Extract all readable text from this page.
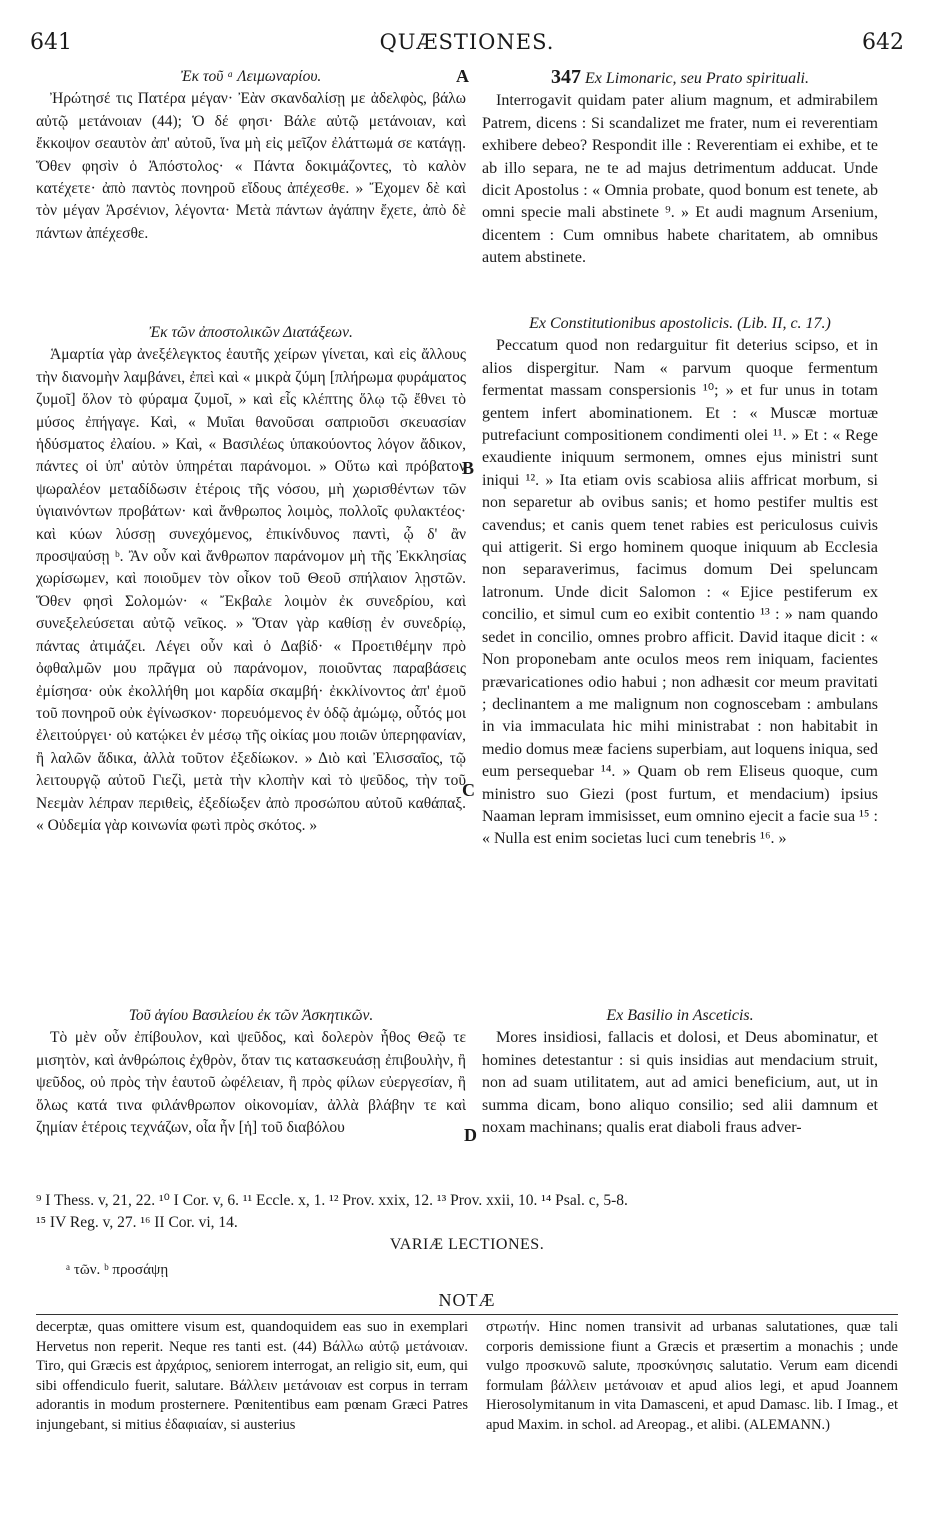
641	QUÆSTIONES.	642

Ἐκ τοῦ ᵃ Λειμωναρίου.

Ἠρώτησέ τις Πατέρα μέγαν· Ἐὰν σκανδαλίσῃ με ἀδελφὸς, βάλω αὐτῷ μετάνοιαν (44); Ὁ δέ φησι· Βάλε αὐτῷ μετάνοιαν, καὶ ἔκκοψον σεαυτὸν ἀπ' αὐτοῦ, ἵνα μὴ εἰς μεῖζον ἐλάττωμά σε κατάγῃ. Ὅθεν φησὶν ὁ Ἀπόστολος· « Πάντα δοκιμάζοντες, τὸ καλὸν κατέχετε· ἀπὸ παντὸς πονηροῦ εἴδους ἀπέχεσθε. » Ἔχομεν δὲ καὶ τὸν μέγαν Ἀρσένιον, λέγοντα· Μετὰ πάντων ἀγάπην ἔχετε, ἀπὸ δὲ πάντων ἀπέχεσθε.

Ἐκ τῶν ἀποστολικῶν Διατάξεων.

Ἁμαρτία γὰρ ἀνεξέλεγκτος ἑαυτῆς χείρων γίνεται, καὶ εἰς ἄλλους τὴν διανομὴν λαμβάνει, ἐπεὶ καὶ « μικρὰ ζύμη [πλήρωμα φυράματος ζυμοῖ] ὅλον τὸ φύραμα ζυμοῖ, » καὶ εἷς κλέπτης ὅλῳ τῷ ἔθνει τὸ μύσος ἐπήγαγε. Καὶ, « Μυῖαι θανοῦσαι σαπριοῦσι σκευασίαν ἡδύσματος ἐλαίου. » Καὶ, « Βασιλέως ὑπακούοντος λόγον ἄδικον, πάντες οἱ ὑπ' αὐτὸν ὑπηρέται παράνομοι. » Οὕτω καὶ πρόβατον ψωραλέον μεταδίδωσιν ἑτέροις τῆς νόσου, μὴ χωρισθέντων τῶν ὑγιαινόντων προβάτων· καὶ ἄνθρωπος λοιμὸς, πολλοῖς φυλακτέος· καὶ κύων λύσσῃ συνεχόμενος, ἐπικίνδυνος παντὶ, ᾧ δ' ἂν προσψαύσῃ ᵇ. Ἂν οὖν καὶ ἄνθρωπον παράνομον μὴ τῆς Ἐκκλησίας χωρίσωμεν, καὶ ποιοῦμεν τὸν οἶκον τοῦ Θεοῦ σπήλαιον λῃστῶν. Ὅθεν φησὶ Σολομών· « Ἔκβαλε λοιμὸν ἐκ συνεδρίου, καὶ συνεξελεύσεται αὐτῷ νεῖκος. » Ὅταν γὰρ καθίσῃ ἐν συνεδρίῳ, πάντας ἀτιμάζει. Λέγει οὖν καὶ ὁ Δαβίδ· « Προετιθέμην πρὸ ὀφθαλμῶν μου πρᾶγμα οὐ παράνομον, ποιοῦντας παραβάσεις ἐμίσησα· οὐκ ἐκολλήθη μοι καρδία σκαμβή· ἐκκλίνοντος ἀπ' ἐμοῦ τοῦ πονηροῦ οὐκ ἐγίνωσκον· πορευόμενος ἐν ὁδῷ ἀμώμῳ, οὗτός μοι ἐλειτούργει· οὐ κατῴκει ἐν μέσῳ τῆς οἰκίας μου ποιῶν ὑπερηφανίαν, ἢ λαλῶν ἄδικα, ἀλλὰ τοῦτον ἐξεδίωκον. » Διὸ καὶ Ἐλισσαῖος, τῷ λειτουργῷ αὐτοῦ Γιεζὶ, μετὰ τὴν κλοπὴν καὶ τὸ ψεῦδος, τὴν τοῦ Νεεμὰν λέπραν περιθεὶς, ἐξεδίωξεν ἀπὸ προσώπου αὐτοῦ καθάπαξ. « Οὐδεμία γὰρ κοινωνία φωτὶ πρὸς σκότος. »

Τοῦ ἁγίου Βασιλείου ἐκ τῶν Ἀσκητικῶν.

Τὸ μὲν οὖν ἐπίβουλον, καὶ ψεῦδος, καὶ δολερὸν ἦθος Θεῷ τε μισητὸν, καὶ ἀνθρώποις ἐχθρὸν, ὅταν τις κατασκευάσῃ ἐπιβουλὴν, ἢ ψεῦδος, οὐ πρὸς τὴν ἑαυτοῦ ὠφέλειαν, ἢ πρὸς φίλων εὐεργεσίαν, ἢ ὅλως κατά τινα φιλάνθρωπον οἰκονομίαν, ἀλλὰ βλάβην τε καὶ ζημίαν ἑτέροις τεχνάζων, οἷα ἦν [ἡ] τοῦ διαβόλου

A
B
C
D

347 Ex Limonaric, seu Prato spirituali.

Interrogavit quidam pater alium magnum, et admirabilem Patrem, dicens : Si scandalizet me frater, num ei reverentiam exhibere debeo? Respondit ille : Reverentiam ei exhibe, et te ab illo separa, ne te ad majus detrimentum adducat. Unde dicit Apostolus : « Omnia probate, quod bonum est tenete, ab omni specie mali abstinete ⁹. » Et audi magnum Arsenium, dicentem : Cum omnibus habete charitatem, ab omnibus autem abstinete.

Ex Constitutionibus apostolicis. (Lib. II, c. 17.)

Peccatum quod non redarguitur fit deterius scipso, et in alios dispergitur. Nam « parvum quoque fermentum fermentat massam conspersionis ¹⁰; » et fur unus in totam gentem infert abominationem. Et : « Muscæ mortuæ putrefaciunt compositionem condimenti olei ¹¹. » Et : « Rege exaudiente iniquum sermonem, omnes ejus ministri sunt iniqui ¹². » Ita etiam ovis scabiosa aliis affricat morbum, si non separetur ab ovibus sanis; et homo pestifer multis est cavendus; et canis quem tenet rabies est periculosus cuivis qui attigerit. Si ergo hominem quoque iniquum ab Ecclesia non separaverimus, facimus domum Dei speluncam latronum. Unde dicit Salomon : « Ejice pestiferum ex concilio, et simul cum eo exibit contentio ¹³ : » nam quando sedet in concilio, omnes probro afficit. David itaque dicit : « Non proponebam ante oculos meos rem iniquam, facientes prævaricationes odio habui ; non adhæsit cor meum pravitati ; declinantem a me malignum non cognoscebam : ambulans in via immaculata hic mihi ministrabat : non habitabit in medio domus meæ faciens superbiam, aut loquens iniqua, sed eum persequebar ¹⁴. » Quam ob rem Eliseus quoque, cum ministro suo Giezi (post furtum, et mendacium) ipsius Naaman lepram immisisset, eum omnino ejecit a facie sua ¹⁵ : « Nulla est enim societas luci cum tenebris ¹⁶. »

Ex Basilio in Asceticis.

Mores insidiosi, fallacis et dolosi, et Deus abominatur, et homines detestantur : si quis insidias aut mendacium struit, non ad suam utilitatem, aut ad amici beneficium, aut, ut in summa dicam, bono aliquo consilio; sed alii damnum et noxam machinans; qualis erat diaboli fraus adver-

⁹ I Thess. v, 21, 22. ¹⁰ I Cor. v, 6. ¹¹ Eccle. x, 1. ¹² Prov. xxix, 12. ¹³ Prov. xxii, 10. ¹⁴ Psal. c, 5-8.
¹⁵ IV Reg. v, 27. ¹⁶ II Cor. vi, 14.
VARIÆ LECTIONES.
ᵃ τῶν. ᵇ προσάψῃ
NOTÆ

decerptæ, quas omittere visum est, quandoquidem eas suo in exemplari Hervetus non reperit. Neque res tanti est. (44) Βάλλω αὐτῷ μετάνοιαν. Tiro, qui Græcis est ἀρχάριος, seniorem interrogat, an religio sit, eum, qui sibi offendiculo fuerit, salutare. Βάλλειν μετάνοιαν est corpus in terram adorantis in modum prosternere. Pœnitentibus eam pœnam Græci Patres injungebant, si mitius ἐδαφιαίαν, si austerius

στρωτήν. Hinc nomen transivit ad urbanas salutationes, quæ tali corporis demissione fiunt a Græcis et præsertim a monachis ; unde vulgo προσκυνῶ salute, προσκύνησις salutatio. Verum eam dicendi formulam βάλλειν μετάνοιαν et apud alios legi, et apud Joannem Hierosolymitanum in vita Damasceni, et apud Damasc. lib. I Imag., et apud Maxim. in schol. ad Areopag., et alibi. (ALEMANN.)
